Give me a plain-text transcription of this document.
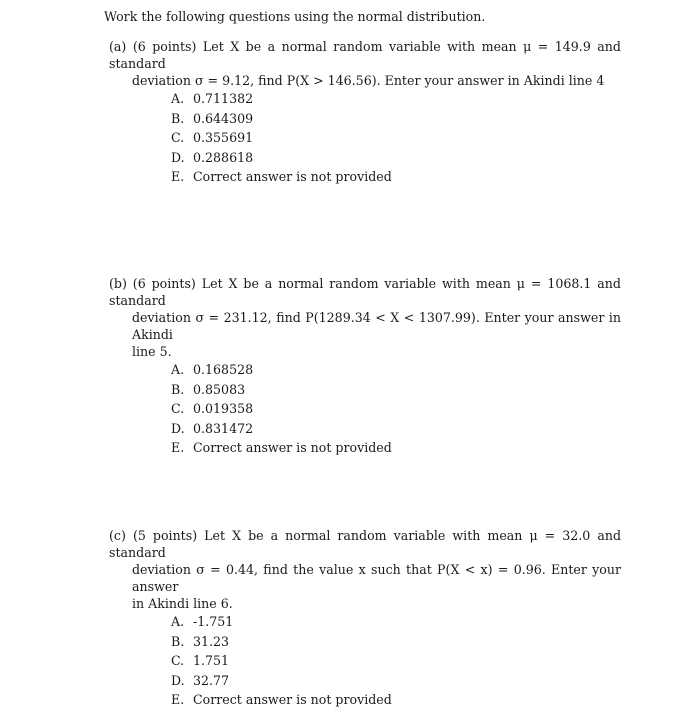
Work the following questions using the normal distribution.
(a) (6 points) Let X be a normal random variable with mean μ = 149.9 and standard
deviation σ = 9.12, find P(X > 146.56). Enter your answer in Akindi line 4
A. 0.711382
B. 0.644309
C. 0.355691
D. 0.288618
E. Correct answer is not provided
(b) (6 points) Let X be a normal random variable with mean μ = 1068.1 and standard
deviation σ = 231.12, find P(1289.34 < X < 1307.99). Enter your answer in Akindi
line 5.
A. 0.168528
B. 0.85083
C. 0.019358
D. 0.831472
E. Correct answer is not provided
(c) (5 points) Let X be a normal random variable with mean μ = 32.0 and standard
deviation σ = 0.44, find the value x such that P(X < x) = 0.96. Enter your answer
in Akindi line 6.
A. -1.751
B. 31.23
C. 1.751
D. 32.77
E. Correct answer is not provided
